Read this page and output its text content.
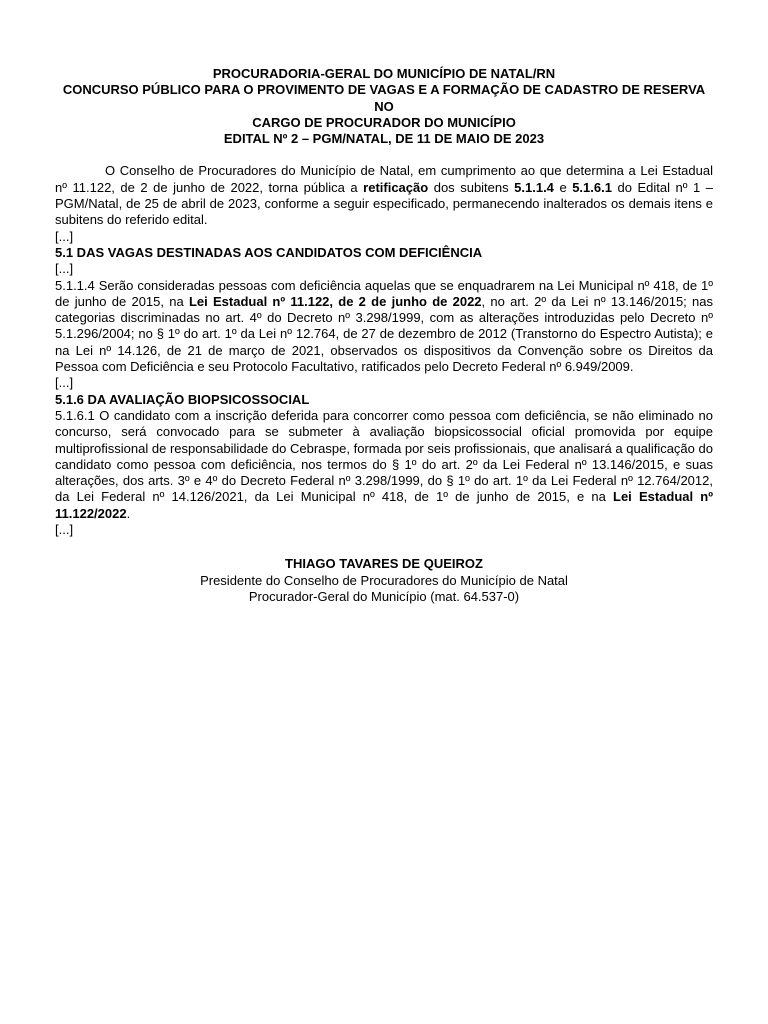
PROCURADORIA-GERAL DO MUNICÍPIO DE NATAL/RN
CONCURSO PÚBLICO PARA O PROVIMENTO DE VAGAS E A FORMAÇÃO DE CADASTRO DE RESERVA NO
CARGO DE PROCURADOR DO MUNICÍPIO
EDITAL Nº 2 – PGM/NATAL, DE 11 DE MAIO DE 2023

O Conselho de Procuradores do Município de Natal, em cumprimento ao que determina a Lei Estadual nº 11.122, de 2 de junho de 2022, torna pública a retificação dos subitens 5.1.1.4 e 5.1.6.1 do Edital nº 1 – PGM/Natal, de 25 de abril de 2023, conforme a seguir especificado, permanecendo inalterados os demais itens e subitens do referido edital.

[...]
5.1 DAS VAGAS DESTINADAS AOS CANDIDATOS COM DEFICIÊNCIA
[...]

5.1.1.4 Serão consideradas pessoas com deficiência aquelas que se enquadrarem na Lei Municipal nº 418, de 1º de junho de 2015, na Lei Estadual nº 11.122, de 2 de junho de 2022, no art. 2º da Lei nº 13.146/2015; nas categorias discriminadas no art. 4º do Decreto nº 3.298/1999, com as alterações introduzidas pelo Decreto nº 5.1.296/2004; no § 1º do art. 1º da Lei nº 12.764, de 27 de dezembro de 2012 (Transtorno do Espectro Autista); e na Lei nº 14.126, de 21 de março de 2021, observados os dispositivos da Convenção sobre os Direitos da Pessoa com Deficiência e seu Protocolo Facultativo, ratificados pelo Decreto Federal nº 6.949/2009.

[...]
5.1.6 DA AVALIAÇÃO BIOPSICOSSOCIAL

5.1.6.1 O candidato com a inscrição deferida para concorrer como pessoa com deficiência, se não eliminado no concurso, será convocado para se submeter à avaliação biopsicossocial oficial promovida por equipe multiprofissional de responsabilidade do Cebraspe, formada por seis profissionais, que analisará a qualificação do candidato como pessoa com deficiência, nos termos do § 1º do art. 2º da Lei Federal nº 13.146/2015, e suas alterações, dos arts. 3º e 4º do Decreto Federal nº 3.298/1999, do § 1º do art. 1º da Lei Federal nº 12.764/2012, da Lei Federal nº 14.126/2021, da Lei Municipal nº 418, de 1º de junho de 2015, e na Lei Estadual nº 11.122/2022.

[...]
THIAGO TAVARES DE QUEIROZ
Presidente do Conselho de Procuradores do Município de Natal
Procurador-Geral do Município (mat. 64.537-0)
